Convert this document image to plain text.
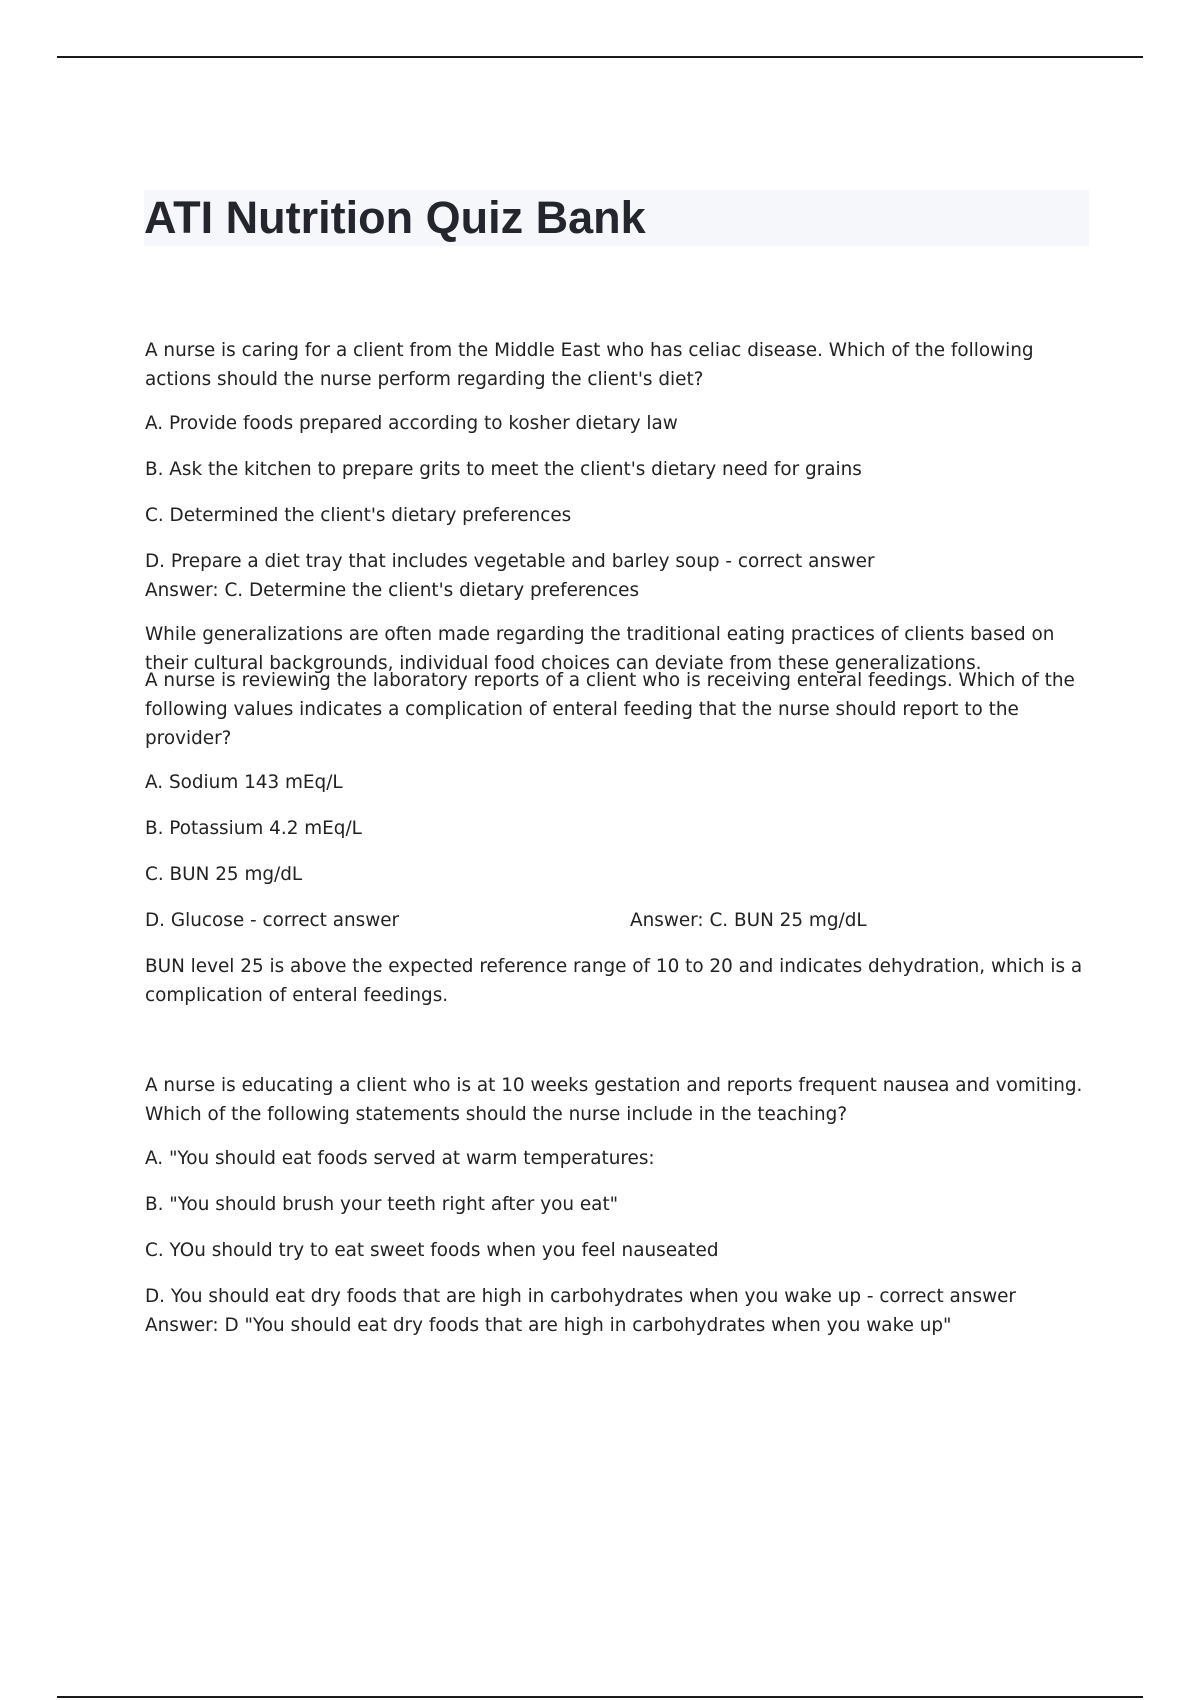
ATI Nutrition Quiz Bank

A nurse is caring for a client from the Middle East who has celiac disease. Which of the following actions should the nurse perform regarding the client's diet?

A. Provide foods prepared according to kosher dietary law

B. Ask the kitchen to prepare grits to meet the client's dietary need for grains

C. Determined the client's dietary preferences

D. Prepare a diet tray that includes vegetable and barley soup - correct answer

Answer: C. Determine the client's dietary preferences

While generalizations are often made regarding the traditional eating practices of clients based on their cultural backgrounds, individual food choices can deviate from these generalizations.

A nurse is reviewing the laboratory reports of a client who is receiving enteral feedings. Which of the following values indicates a complication of enteral feeding that the nurse should report to the provider?

A. Sodium 143 mEq/L

B. Potassium 4.2 mEq/L

C. BUN 25 mg/dL

D. Glucose - correct answer	Answer: C. BUN 25 mg/dL

BUN level 25 is above the expected reference range of 10 to 20 and indicates dehydration, which is a complication of enteral feedings.

A nurse is educating a client who is at 10 weeks gestation and reports frequent nausea and vomiting. Which of the following statements should the nurse include in the teaching?

A. "You should eat foods served at warm temperatures:

B. "You should brush your teeth right after you eat"

C. YOu should try to eat sweet foods when you feel nauseated

D. You should eat dry foods that are high in carbohydrates when you wake up - correct answer

Answer: D "You should eat dry foods that are high in carbohydrates when you wake up"
